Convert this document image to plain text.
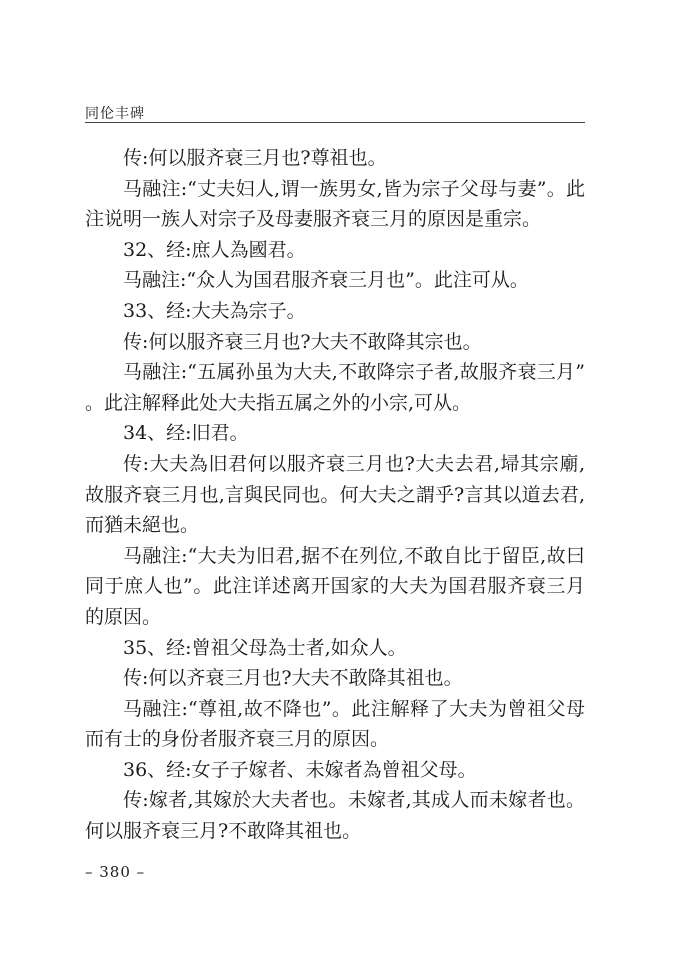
同伦丰碑

传:何以服齐衰三月也?尊祖也。

马融注:“丈夫妇人,谓一族男女,皆为宗子父母与妻”。此注说明一族人对宗子及母妻服齐衰三月的原因是重宗。

32、经:庶人為國君。

马融注:“众人为国君服齐衰三月也”。此注可从。

33、经:大夫為宗子。

传:何以服齐衰三月也?大夫不敢降其宗也。

马融注:“五属孙虽为大夫,不敢降宗子者,故服齐衰三月”。此注解释此处大夫指五属之外的小宗,可从。

34、经:旧君。

传:大夫為旧君何以服齐衰三月也?大夫去君,埽其宗廟,故服齐衰三月也,言與民同也。何大夫之謂乎?言其以道去君,而猶未絕也。

马融注:“大夫为旧君,据不在列位,不敢自比于留臣,故曰同于庶人也”。此注详述离开国家的大夫为国君服齐衰三月的原因。

35、经:曾祖父母為士者,如众人。

传:何以齐衰三月也?大夫不敢降其祖也。

马融注:“尊祖,故不降也”。此注解释了大夫为曾祖父母而有士的身份者服齐衰三月的原因。

36、经:女子子嫁者、未嫁者為曾祖父母。

传:嫁者,其嫁於大夫者也。未嫁者,其成人而未嫁者也。何以服齐衰三月?不敢降其祖也。

– 380 –
